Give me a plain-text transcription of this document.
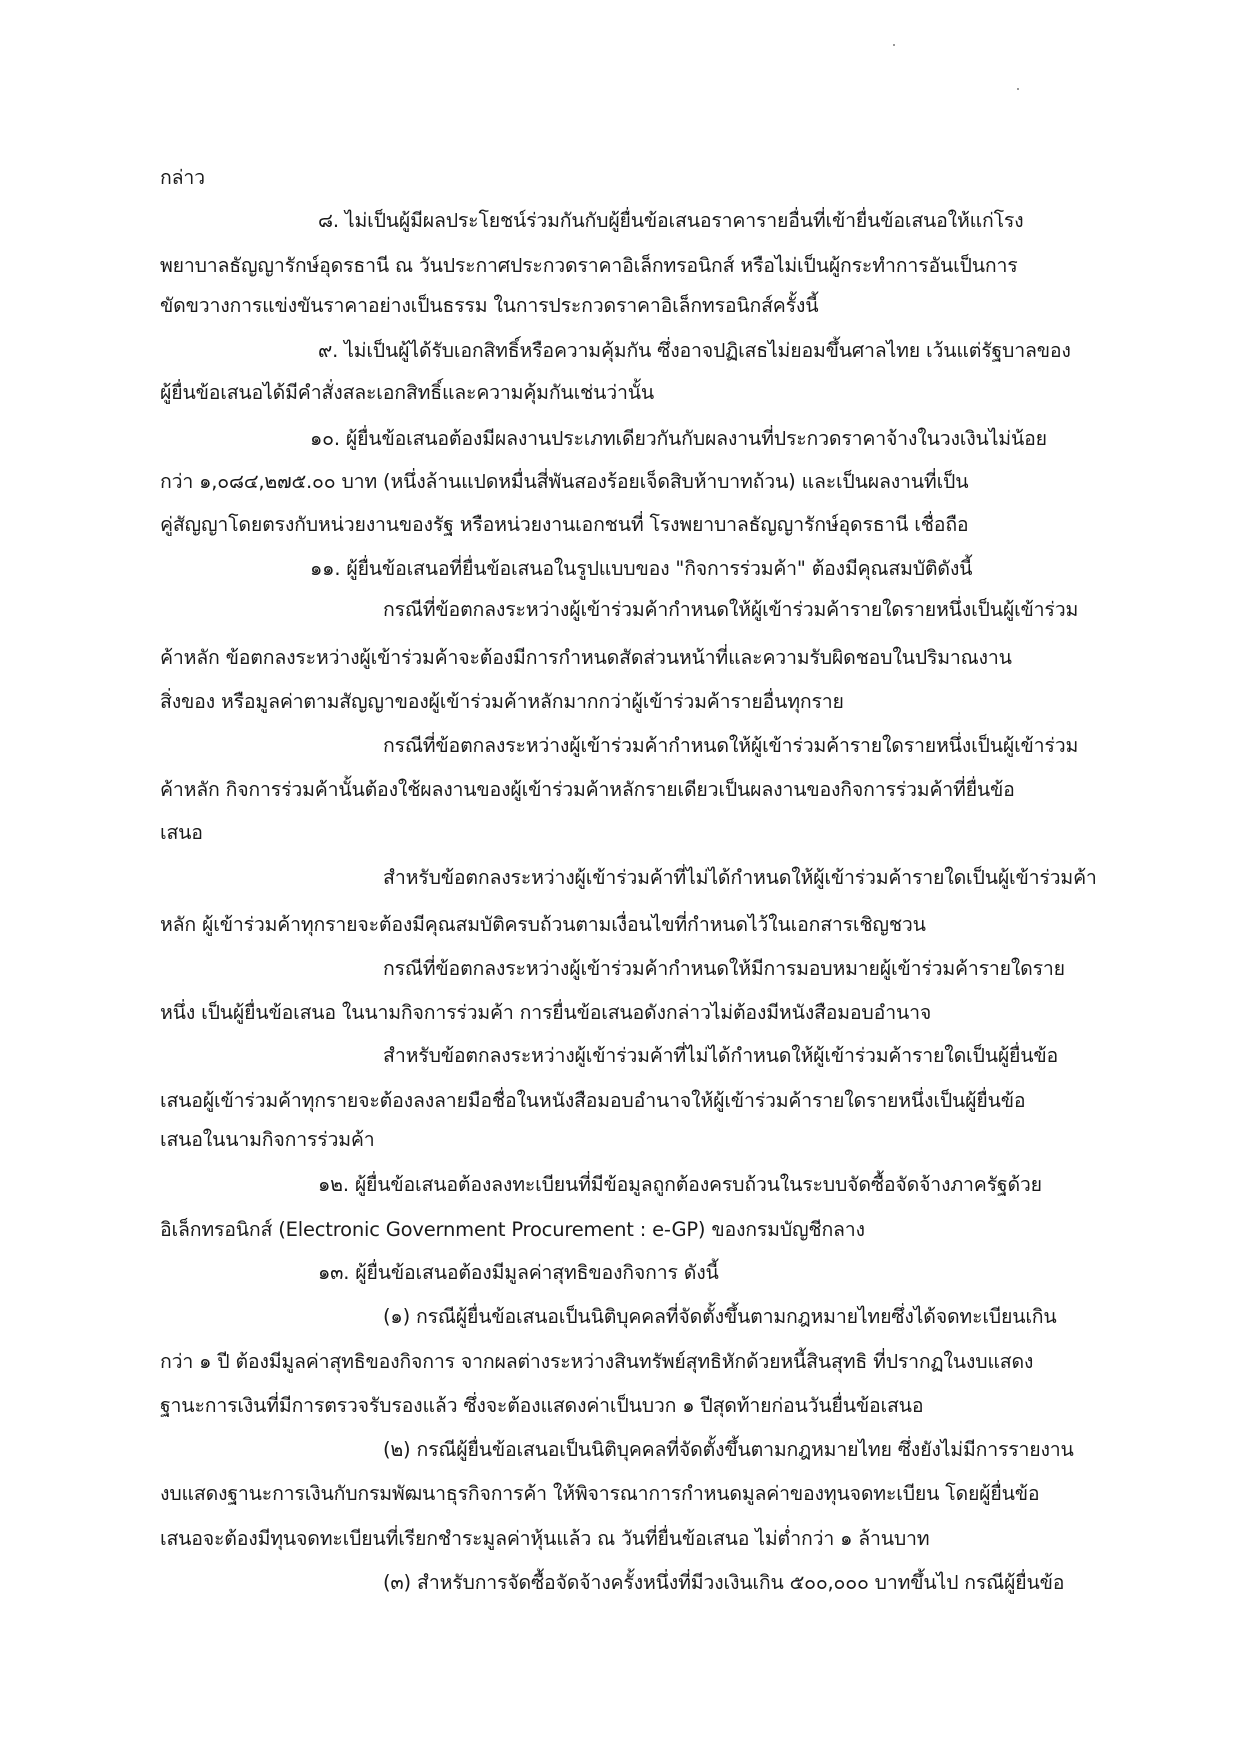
กล่าว
๘. ไม่เป็นผู้มีผลประโยชน์ร่วมกันกับผู้ยื่นข้อเสนอราคารายอื่นที่เข้ายื่นข้อเสนอให้แก่โรง
พยาบาลธัญญารักษ์อุดรธานี ณ วันประกาศประกวดราคาอิเล็กทรอนิกส์ หรือไม่เป็นผู้กระทำการอันเป็นการ
ขัดขวางการแข่งขันราคาอย่างเป็นธรรม ในการประกวดราคาอิเล็กทรอนิกส์ครั้งนี้
๙. ไม่เป็นผู้ได้รับเอกสิทธิ์หรือความคุ้มกัน ซึ่งอาจปฏิเสธไม่ยอมขึ้นศาลไทย เว้นแต่รัฐบาลของ
ผู้ยื่นข้อเสนอได้มีคำสั่งสละเอกสิทธิ์และความคุ้มกันเช่นว่านั้น
๑๐. ผู้ยื่นข้อเสนอต้องมีผลงานประเภทเดียวกันกับผลงานที่ประกวดราคาจ้างในวงเงินไม่น้อย
กว่า ๑,๐๘๔,๒๗๕.๐๐ บาท (หนึ่งล้านแปดหมื่นสี่พันสองร้อยเจ็ดสิบห้าบาทถ้วน) และเป็นผลงานที่เป็น
คู่สัญญาโดยตรงกับหน่วยงานของรัฐ หรือหน่วยงานเอกชนที่ โรงพยาบาลธัญญารักษ์อุดรธานี เชื่อถือ
๑๑. ผู้ยื่นข้อเสนอที่ยื่นข้อเสนอในรูปแบบของ "กิจการร่วมค้า" ต้องมีคุณสมบัติดังนี้
กรณีที่ข้อตกลงระหว่างผู้เข้าร่วมค้ากำหนดให้ผู้เข้าร่วมค้ารายใดรายหนึ่งเป็นผู้เข้าร่วม
ค้าหลัก ข้อตกลงระหว่างผู้เข้าร่วมค้าจะต้องมีการกำหนดสัดส่วนหน้าที่และความรับผิดชอบในปริมาณงาน
สิ่งของ หรือมูลค่าตามสัญญาของผู้เข้าร่วมค้าหลักมากกว่าผู้เข้าร่วมค้ารายอื่นทุกราย
กรณีที่ข้อตกลงระหว่างผู้เข้าร่วมค้ากำหนดให้ผู้เข้าร่วมค้ารายใดรายหนึ่งเป็นผู้เข้าร่วม
ค้าหลัก กิจการร่วมค้านั้นต้องใช้ผลงานของผู้เข้าร่วมค้าหลักรายเดียวเป็นผลงานของกิจการร่วมค้าที่ยื่นข้อ
เสนอ
สำหรับข้อตกลงระหว่างผู้เข้าร่วมค้าที่ไม่ได้กำหนดให้ผู้เข้าร่วมค้ารายใดเป็นผู้เข้าร่วมค้า
หลัก ผู้เข้าร่วมค้าทุกรายจะต้องมีคุณสมบัติครบถ้วนตามเงื่อนไขที่กำหนดไว้ในเอกสารเชิญชวน
กรณีที่ข้อตกลงระหว่างผู้เข้าร่วมค้ากำหนดให้มีการมอบหมายผู้เข้าร่วมค้ารายใดราย
หนึ่ง เป็นผู้ยื่นข้อเสนอ ในนามกิจการร่วมค้า การยื่นข้อเสนอดังกล่าวไม่ต้องมีหนังสือมอบอำนาจ
สำหรับข้อตกลงระหว่างผู้เข้าร่วมค้าที่ไม่ได้กำหนดให้ผู้เข้าร่วมค้ารายใดเป็นผู้ยื่นข้อ
เสนอผู้เข้าร่วมค้าทุกรายจะต้องลงลายมือชื่อในหนังสือมอบอำนาจให้ผู้เข้าร่วมค้ารายใดรายหนึ่งเป็นผู้ยื่นข้อ
เสนอในนามกิจการร่วมค้า
๑๒. ผู้ยื่นข้อเสนอต้องลงทะเบียนที่มีข้อมูลถูกต้องครบถ้วนในระบบจัดซื้อจัดจ้างภาครัฐด้วย
อิเล็กทรอนิกส์ (Electronic Government Procurement : e-GP) ของกรมบัญชีกลาง
๑๓. ผู้ยื่นข้อเสนอต้องมีมูลค่าสุทธิของกิจการ ดังนี้
(๑) กรณีผู้ยื่นข้อเสนอเป็นนิติบุคคลที่จัดตั้งขึ้นตามกฎหมายไทยซึ่งได้จดทะเบียนเกิน
กว่า ๑ ปี ต้องมีมูลค่าสุทธิของกิจการ จากผลต่างระหว่างสินทรัพย์สุทธิหักด้วยหนี้สินสุทธิ ที่ปรากฏในงบแสดง
ฐานะการเงินที่มีการตรวจรับรองแล้ว ซึ่งจะต้องแสดงค่าเป็นบวก ๑ ปีสุดท้ายก่อนวันยื่นข้อเสนอ
(๒) กรณีผู้ยื่นข้อเสนอเป็นนิติบุคคลที่จัดตั้งขึ้นตามกฎหมายไทย ซึ่งยังไม่มีการรายงาน
งบแสดงฐานะการเงินกับกรมพัฒนาธุรกิจการค้า ให้พิจารณาการกำหนดมูลค่าของทุนจดทะเบียน โดยผู้ยื่นข้อ
เสนอจะต้องมีทุนจดทะเบียนที่เรียกชำระมูลค่าหุ้นแล้ว ณ วันที่ยื่นข้อเสนอ ไม่ต่ำกว่า ๑ ล้านบาท
(๓) สำหรับการจัดซื้อจัดจ้างครั้งหนึ่งที่มีวงเงินเกิน ๕๐๐,๐๐๐ บาทขึ้นไป กรณีผู้ยื่นข้อ
